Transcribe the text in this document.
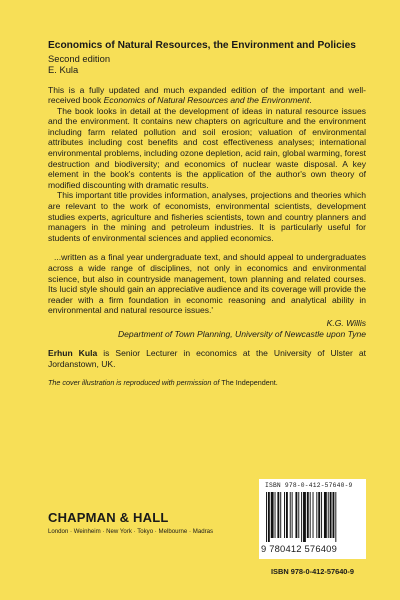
Economics of Natural Resources, the Environment and Policies

Second edition

E. Kula

This is a fully updated and much expanded edition of the important and well-received book Economics of Natural Resources and the Environment.

The book looks in detail at the development of ideas in natural resource issues and the environment. It contains new chapters on agriculture and the environment including farm related pollution and soil erosion; valuation of environmental attributes including cost benefits and cost effectiveness analyses; international environmental problems, including ozone depletion, acid rain, global warming, forest destruction and biodiversity; and economics of nuclear waste disposal. A key element in the book's contents is the application of the author's own theory of modified discounting with dramatic results.

This important title provides information, analyses, projections and theories which are relevant to the work of economists, environmental scientists, development studies experts, agriculture and fisheries scientists, town and country planners and managers in the mining and petroleum industries. It is particularly useful for students of environmental sciences and applied economics.

...written as a final year undergraduate text, and should appeal to undergraduates across a wide range of disciplines, not only in economics and environmental science, but also in countryside management, town planning and related courses. Its lucid style should gain an appreciative audience and its coverage will provide the reader with a firm foundation in economic reasoning and analytical ability in environmental and natural resource issues.'

K.G. Willis

Department of Town Planning, University of Newcastle upon Tyne

Erhun Kula is Senior Lecturer in economics at the University of Ulster at Jordanstown, UK.

The cover illustration is reproduced with permission of The Independent.

CHAPMAN & HALL

London · Weinheim · New York · Tokyo · Melbourne · Madras

ISBN 978-0-412-57640-9
9 780412 576409
ISBN 978-0-412-57640-9
